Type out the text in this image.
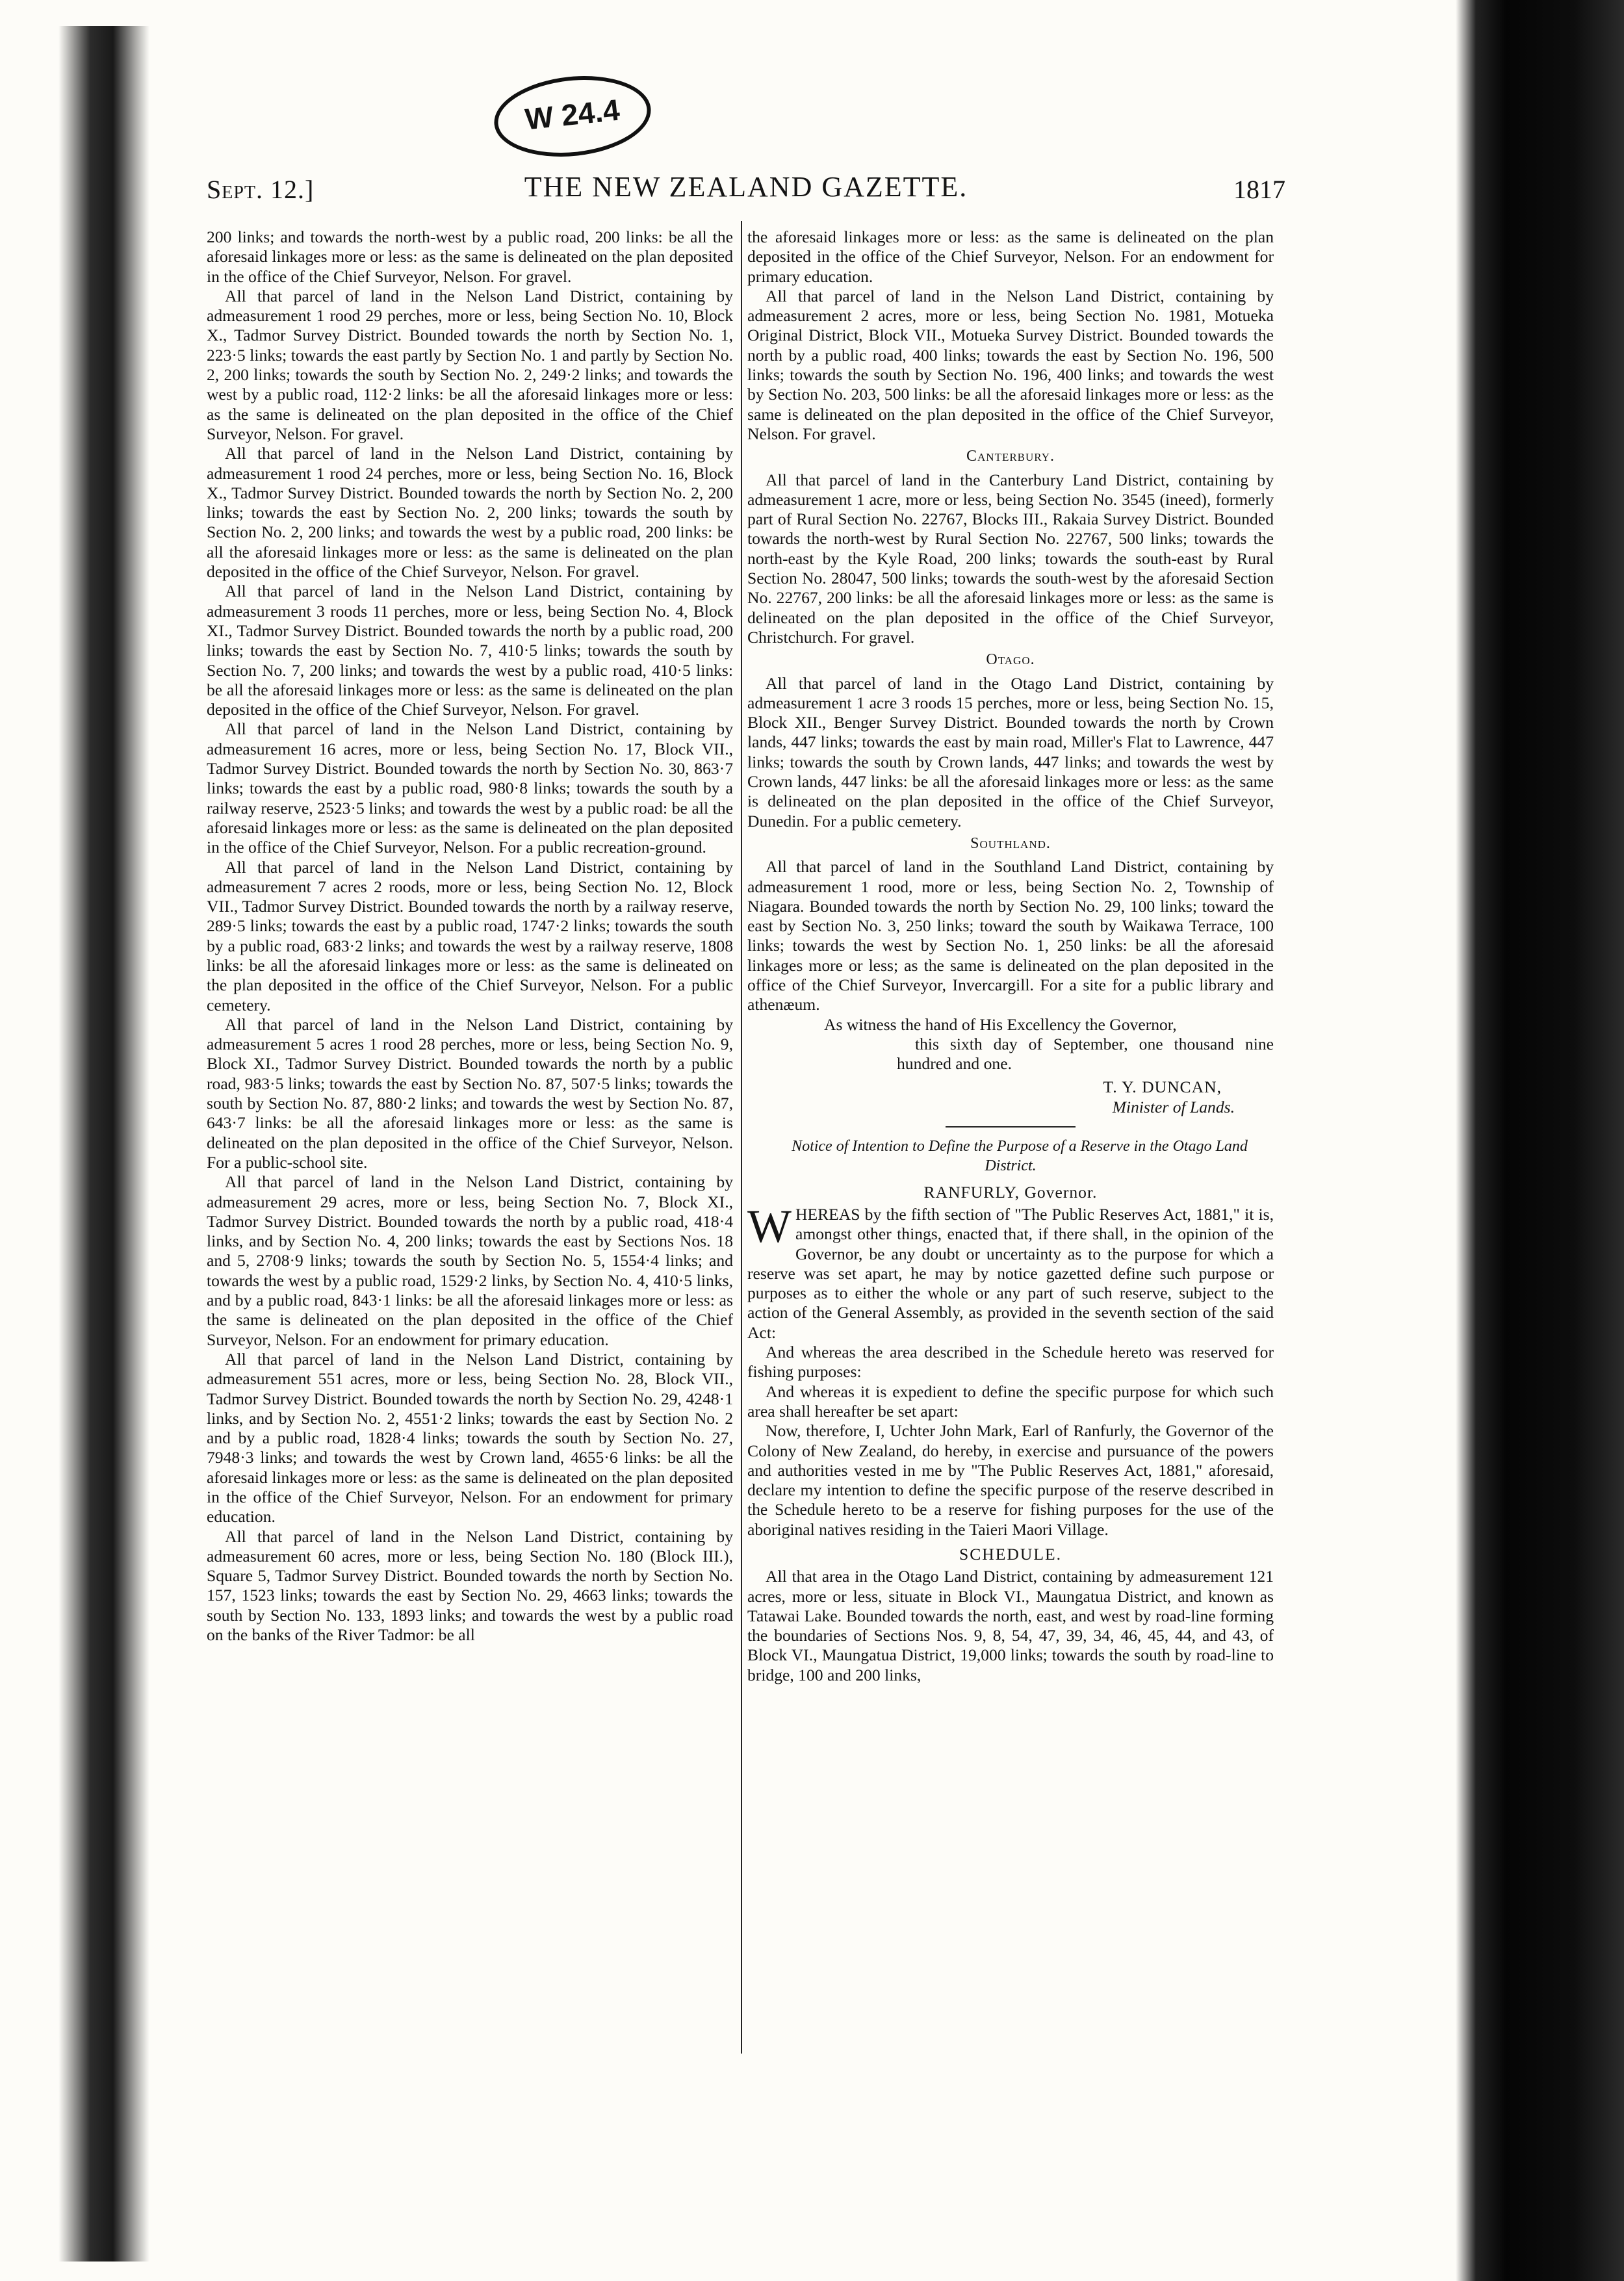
W 24.4
Sept. 12.]	THE NEW ZEALAND GAZETTE.	1817

200 links; and towards the north-west by a public road, 200 links: be all the aforesaid linkages more or less: as the same is delineated on the plan deposited in the office of the Chief Surveyor, Nelson. For gravel.

All that parcel of land in the Nelson Land District, containing by admeasurement 1 rood 29 perches, more or less, being Section No. 10, Block X., Tadmor Survey District. Bounded towards the north by Section No. 1, 223·5 links; towards the east partly by Section No. 1 and partly by Section No. 2, 200 links; towards the south by Section No. 2, 249·2 links; and towards the west by a public road, 112·2 links: be all the aforesaid linkages more or less: as the same is delineated on the plan deposited in the office of the Chief Surveyor, Nelson. For gravel.

All that parcel of land in the Nelson Land District, containing by admeasurement 1 rood 24 perches, more or less, being Section No. 16, Block X., Tadmor Survey District. Bounded towards the north by Section No. 2, 200 links; towards the east by Section No. 2, 200 links; towards the south by Section No. 2, 200 links; and towards the west by a public road, 200 links: be all the aforesaid linkages more or less: as the same is delineated on the plan deposited in the office of the Chief Surveyor, Nelson. For gravel.

All that parcel of land in the Nelson Land District, containing by admeasurement 3 roods 11 perches, more or less, being Section No. 4, Block XI., Tadmor Survey District. Bounded towards the north by a public road, 200 links; towards the east by Section No. 7, 410·5 links; towards the south by Section No. 7, 200 links; and towards the west by a public road, 410·5 links: be all the aforesaid linkages more or less: as the same is delineated on the plan deposited in the office of the Chief Surveyor, Nelson. For gravel.

All that parcel of land in the Nelson Land District, containing by admeasurement 16 acres, more or less, being Section No. 17, Block VII., Tadmor Survey District. Bounded towards the north by Section No. 30, 863·7 links; towards the east by a public road, 980·8 links; towards the south by a railway reserve, 2523·5 links; and towards the west by a public road: be all the aforesaid linkages more or less: as the same is delineated on the plan deposited in the office of the Chief Surveyor, Nelson. For a public recreation-ground.

All that parcel of land in the Nelson Land District, containing by admeasurement 7 acres 2 roods, more or less, being Section No. 12, Block VII., Tadmor Survey District. Bounded towards the north by a railway reserve, 289·5 links; towards the east by a public road, 1747·2 links; towards the south by a public road, 683·2 links; and towards the west by a railway reserve, 1808 links: be all the aforesaid linkages more or less: as the same is delineated on the plan deposited in the office of the Chief Surveyor, Nelson. For a public cemetery.

All that parcel of land in the Nelson Land District, containing by admeasurement 5 acres 1 rood 28 perches, more or less, being Section No. 9, Block XI., Tadmor Survey District. Bounded towards the north by a public road, 983·5 links; towards the east by Section No. 87, 507·5 links; towards the south by Section No. 87, 880·2 links; and towards the west by Section No. 87, 643·7 links: be all the aforesaid linkages more or less: as the same is delineated on the plan deposited in the office of the Chief Surveyor, Nelson. For a public-school site.

All that parcel of land in the Nelson Land District, containing by admeasurement 29 acres, more or less, being Section No. 7, Block XI., Tadmor Survey District. Bounded towards the north by a public road, 418·4 links, and by Section No. 4, 200 links; towards the east by Sections Nos. 18 and 5, 2708·9 links; towards the south by Section No. 5, 1554·4 links; and towards the west by a public road, 1529·2 links, by Section No. 4, 410·5 links, and by a public road, 843·1 links: be all the aforesaid linkages more or less: as the same is delineated on the plan deposited in the office of the Chief Surveyor, Nelson. For an endowment for primary education.

All that parcel of land in the Nelson Land District, containing by admeasurement 551 acres, more or less, being Section No. 28, Block VII., Tadmor Survey District. Bounded towards the north by Section No. 29, 4248·1 links, and by Section No. 2, 4551·2 links; towards the east by Section No. 2 and by a public road, 1828·4 links; towards the south by Section No. 27, 7948·3 links; and towards the west by Crown land, 4655·6 links: be all the aforesaid linkages more or less: as the same is delineated on the plan deposited in the office of the Chief Surveyor, Nelson. For an endowment for primary education.

All that parcel of land in the Nelson Land District, containing by admeasurement 60 acres, more or less, being Section No. 180 (Block III.), Square 5, Tadmor Survey District. Bounded towards the north by Section No. 157, 1523 links; towards the east by Section No. 29, 4663 links; towards the south by Section No. 133, 1893 links; and towards the west by a public road on the banks of the River Tadmor: be all

the aforesaid linkages more or less: as the same is delineated on the plan deposited in the office of the Chief Surveyor, Nelson. For an endowment for primary education.

All that parcel of land in the Nelson Land District, containing by admeasurement 2 acres, more or less, being Section No. 1981, Motueka Original District, Block VII., Motueka Survey District. Bounded towards the north by a public road, 400 links; towards the east by Section No. 196, 500 links; towards the south by Section No. 196, 400 links; and towards the west by Section No. 203, 500 links: be all the aforesaid linkages more or less: as the same is delineated on the plan deposited in the office of the Chief Surveyor, Nelson. For gravel.

Canterbury.

All that parcel of land in the Canterbury Land District, containing by admeasurement 1 acre, more or less, being Section No. 3545 (ineed), formerly part of Rural Section No. 22767, Blocks III., Rakaia Survey District. Bounded towards the north-west by Rural Section No. 22767, 500 links; towards the north-east by the Kyle Road, 200 links; towards the south-east by Rural Section No. 28047, 500 links; towards the south-west by the aforesaid Section No. 22767, 200 links: be all the aforesaid linkages more or less: as the same is delineated on the plan deposited in the office of the Chief Surveyor, Christchurch. For gravel.

Otago.

All that parcel of land in the Otago Land District, containing by admeasurement 1 acre 3 roods 15 perches, more or less, being Section No. 15, Block XII., Benger Survey District. Bounded towards the north by Crown lands, 447 links; towards the east by main road, Miller's Flat to Lawrence, 447 links; towards the south by Crown lands, 447 links; and towards the west by Crown lands, 447 links: be all the aforesaid linkages more or less: as the same is delineated on the plan deposited in the office of the Chief Surveyor, Dunedin. For a public cemetery.

Southland.

All that parcel of land in the Southland Land District, containing by admeasurement 1 rood, more or less, being Section No. 2, Township of Niagara. Bounded towards the north by Section No. 29, 100 links; toward the east by Section No. 3, 250 links; toward the south by Waikawa Terrace, 100 links; towards the west by Section No. 1, 250 links: be all the aforesaid linkages more or less; as the same is delineated on the plan deposited in the office of the Chief Surveyor, Invercargill. For a site for a public library and athenæum.

As witness the hand of His Excellency the Governor,
this sixth day of September, one thousand nine hundred and one.

T. Y. DUNCAN,
Minister of Lands.

Notice of Intention to Define the Purpose of a Reserve in the Otago Land District.

RANFURLY, Governor.

WHEREAS by the fifth section of "The Public Reserves Act, 1881," it is, amongst other things, enacted that, if there shall, in the opinion of the Governor, be any doubt or uncertainty as to the purpose for which a reserve was set apart, he may by notice gazetted define such purpose or purposes as to either the whole or any part of such reserve, subject to the action of the General Assembly, as provided in the seventh section of the said Act:

And whereas the area described in the Schedule hereto was reserved for fishing purposes:

And whereas it is expedient to define the specific purpose for which such area shall hereafter be set apart:

Now, therefore, I, Uchter John Mark, Earl of Ranfurly, the Governor of the Colony of New Zealand, do hereby, in exercise and pursuance of the powers and authorities vested in me by "The Public Reserves Act, 1881," aforesaid, declare my intention to define the specific purpose of the reserve described in the Schedule hereto to be a reserve for fishing purposes for the use of the aboriginal natives residing in the Taieri Maori Village.

SCHEDULE.

All that area in the Otago Land District, containing by admeasurement 121 acres, more or less, situate in Block VI., Maungatua District, and known as Tatawai Lake. Bounded towards the north, east, and west by road-line forming the boundaries of Sections Nos. 9, 8, 54, 47, 39, 34, 46, 45, 44, and 43, of Block VI., Maungatua District, 19,000 links; towards the south by road-line to bridge, 100 and 200 links,
